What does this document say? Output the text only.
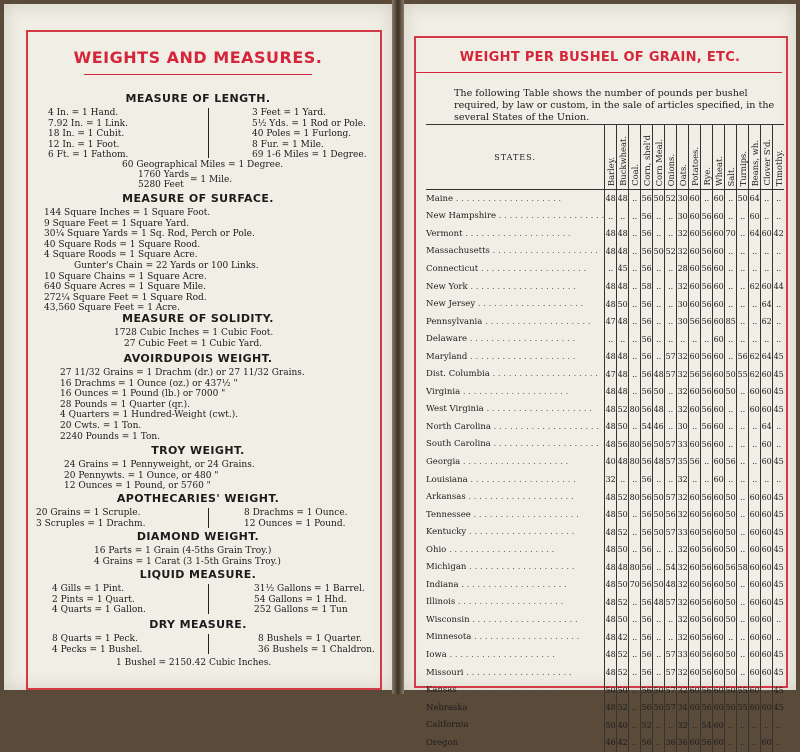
WEIGHTS AND MEASURES.
MEASURE OF LENGTH.
4 In. = 1 Hand.
7.92 In. = 1 Link.
18 In. = 1 Cubit.
12 In. = 1 Foot.
6 Ft. = 1 Fathom.
3 Feet = 1 Yard.
5½ Yds. = 1 Rod or Pole.
40 Poles = 1 Furlong.
8 Fur. = 1 Mile.
69 1-6 Miles = 1 Degree.
60 Geographical Miles = 1 Degree.
1760 Yards
5280 Feet = 1 Mile.
MEASURE OF SURFACE.
144 Square Inches = 1 Square Foot.
9 Square Feet = 1 Square Yard.
30¼ Square Yards = 1 Sq. Rod, Perch or Pole.
40 Square Rods = 1 Square Rood.
4 Square Roods = 1 Square Acre.
Gunter's Chain = 22 Yards or 100 Links.
10 Square Chains = 1 Square Acre.
640 Square Acres = 1 Square Mile.
272¼ Square Feet = 1 Square Rod.
43,560 Square Feet = 1 Acre.
MEASURE OF SOLIDITY.
1728 Cubic Inches = 1 Cubic Foot.
27 Cubic Feet = 1 Cubic Yard.
AVOIRDUPOIS WEIGHT.
27 11/32 Grains = 1 Drachm (dr.) or 27 11/32 Grains.
16 Drachms = 1 Ounce (oz.) or 437½ "
16 Ounces = 1 Pound (lb.) or 7000 "
28 Pounds = 1 Quarter (qr.).
4 Quarters = 1 Hundred-Weight (cwt.).
20 Cwts. = 1 Ton.
2240 Pounds = 1 Ton.
TROY WEIGHT.
24 Grains = 1 Pennyweight, or 24 Grains.
20 Pennywts. = 1 Ounce, or 480 "
12 Ounces = 1 Pound, or 5760 "
APOTHECARIES' WEIGHT.
20 Grains = 1 Scruple.
3 Scruples = 1 Drachm.
8 Drachms = 1 Ounce.
12 Ounces = 1 Pound.
DIAMOND WEIGHT.
16 Parts = 1 Grain (4-5ths Grain Troy.)
4 Grains = 1 Carat (3 1-5th Grains Troy.)
LIQUID MEASURE.
4 Gills = 1 Pint.
2 Pints = 1 Quart.
4 Quarts = 1 Gallon.
31½ Gallons = 1 Barrel.
54 Gallons = 1 Hhd.
252 Gallons = 1 Tun
DRY MEASURE.
8 Quarts = 1 Peck.
4 Pecks = 1 Bushel.
8 Bushels = 1 Quarter.
36 Bushels = 1 Chaldron.
1 Bushel = 2150.42 Cubic Inches.
WEIGHT PER BUSHEL OF GRAIN, ETC.
The following Table shows the number of pounds per bushel required, by law or custom, in the sale of articles specified, in the several States of the Union.
STATES.	Barley.	Buckwheat.	Coal.	Corn, shel'd	Corn Meal.	Onions.	Oats.	Potatoes.	Rye.	Wheat.	Salt.	Turnips.	Beans, wh.	Clover S'd.	Timothy.
Maine . . . . . . . . . . . . . . . . . . . .	48	48	..	56	50	52	30	60	..	60	..	50	64	..	..
New Hampshire . . . . . . . . . . . . . . . . . . . .	..	..	..	56	..	..	30	60	56	60	..	..	60	..	..
Vermont . . . . . . . . . . . . . . . . . . . .	48	48	..	56	..	..	32	60	56	60	70	..	64	60	42
Massachusetts . . . . . . . . . . . . . . . . . . . .	48	48	..	56	50	52	32	60	56	60	..	..	..	..	..
Connecticut . . . . . . . . . . . . . . . . . . . .	..	45	..	56	..	..	28	60	56	60	..	..	..	..	..
New York . . . . . . . . . . . . . . . . . . . .	48	48	..	58	..	..	32	60	56	60	..	..	62	60	44
New Jersey . . . . . . . . . . . . . . . . . . . .	48	50	..	56	..	..	30	60	56	60	..	..	..	64	..
Pennsylvania . . . . . . . . . . . . . . . . . . . .	47	48	..	56	..	..	30	56	56	60	85	..	..	62	..
Delaware . . . . . . . . . . . . . . . . . . . .	..	..	..	56	..	..	..	..	..	60	..	..	..	..	..
Maryland . . . . . . . . . . . . . . . . . . . .	48	48	..	56	..	57	32	60	56	60	..	56	62	64	45
Dist. Columbia . . . . . . . . . . . . . . . . . . . .	47	48	..	56	48	57	32	56	56	60	50	55	62	60	45
Virginia . . . . . . . . . . . . . . . . . . . .	48	48	..	56	50	..	32	60	56	60	50	..	60	60	45
West Virginia . . . . . . . . . . . . . . . . . . . .	48	52	80	56	48	..	32	60	56	60	..	..	60	60	45
North Carolina . . . . . . . . . . . . . . . . . . . .	48	50	..	54	46	..	30	..	56	60	..	..	..	64	..
South Carolina . . . . . . . . . . . . . . . . . . . .	48	56	80	56	50	57	33	60	56	60	..	..	..	60	..
Georgia . . . . . . . . . . . . . . . . . . . .	40	48	80	56	48	57	35	56	..	60	56	..	..	60	45
Louisiana . . . . . . . . . . . . . . . . . . . .	32	..	..	56	..	..	32	..	..	60	..	..	..	..	..
Arkansas . . . . . . . . . . . . . . . . . . . .	48	52	80	56	50	57	32	60	56	60	50	..	60	60	45
Tennessee . . . . . . . . . . . . . . . . . . . .	48	50	..	56	50	56	32	60	56	60	50	..	60	60	45
Kentucky . . . . . . . . . . . . . . . . . . . .	48	52	..	56	50	57	33	60	56	60	50	..	60	60	45
Ohio . . . . . . . . . . . . . . . . . . . .	48	50	..	56	..	..	32	60	56	60	50	..	60	60	45
Michigan . . . . . . . . . . . . . . . . . . . .	48	48	80	56	..	54	32	60	56	60	56	58	60	60	45
Indiana . . . . . . . . . . . . . . . . . . . .	48	50	70	56	50	48	32	60	56	60	50	..	60	60	45
Illinois . . . . . . . . . . . . . . . . . . . .	48	52	..	56	48	57	32	60	56	60	50	..	60	60	45
Wisconsin . . . . . . . . . . . . . . . . . . . .	48	50	..	56	..	..	32	60	56	60	50	..	60	60	..
Minnesota . . . . . . . . . . . . . . . . . . . .	48	42	..	56	..	..	32	60	56	60	..	..	60	60	..
Iowa . . . . . . . . . . . . . . . . . . . .	48	52	..	56	..	57	33	60	56	60	50	..	60	60	45
Missouri . . . . . . . . . . . . . . . . . . . .	48	52	..	56	..	57	32	60	56	60	50	..	60	60	45
Kansas . . . . . . . . . . . . . . . . . . . .	50	50	..	56	50	57	32	60	56	60	50	55	60	..	45
Nebraska . . . . . . . . . . . . . . . . . . . .	48	52	..	56	50	57	34	60	56	60	50	55	60	60	45
California . . . . . . . . . . . . . . . . . . . .	50	40	..	52	..	..	32	..	54	60	..	..	..	..	..
Oregon . . . . . . . . . . . . . . . . . . . .	46	42	..	56	..	36	36	60	56	60	..	..	..	60	..
